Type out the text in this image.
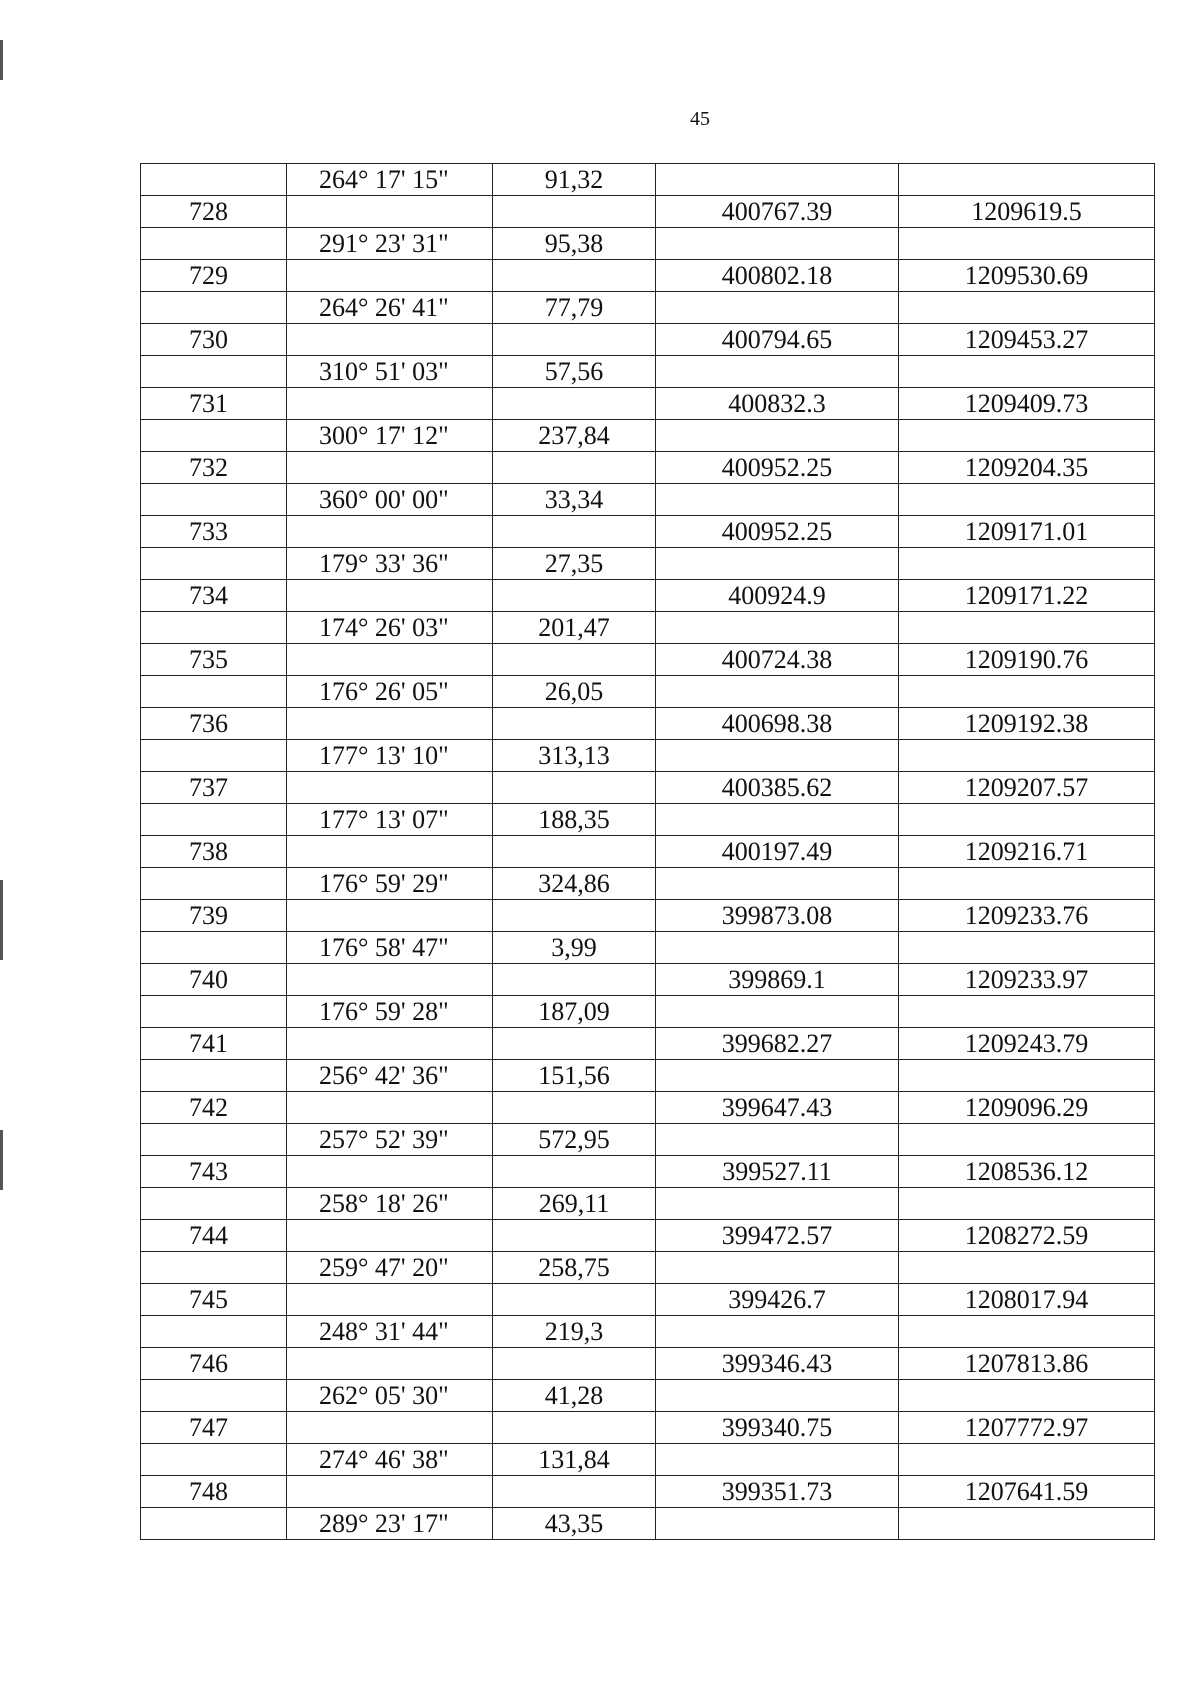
45
	264° 17' 15"	91,32		
728			400767.39	1209619.5
	291° 23' 31"	95,38		
729			400802.18	1209530.69
	264° 26' 41"	77,79		
730			400794.65	1209453.27
	310° 51' 03"	57,56		
731			400832.3	1209409.73
	300° 17' 12"	237,84		
732			400952.25	1209204.35
	360° 00' 00"	33,34		
733			400952.25	1209171.01
	179° 33' 36"	27,35		
734			400924.9	1209171.22
	174° 26' 03"	201,47		
735			400724.38	1209190.76
	176° 26' 05"	26,05		
736			400698.38	1209192.38
	177° 13' 10"	313,13		
737			400385.62	1209207.57
	177° 13' 07"	188,35		
738			400197.49	1209216.71
	176° 59' 29"	324,86		
739			399873.08	1209233.76
	176° 58' 47"	3,99		
740			399869.1	1209233.97
	176° 59' 28"	187,09		
741			399682.27	1209243.79
	256° 42' 36"	151,56		
742			399647.43	1209096.29
	257° 52' 39"	572,95		
743			399527.11	1208536.12
	258° 18' 26"	269,11		
744			399472.57	1208272.59
	259° 47' 20"	258,75		
745			399426.7	1208017.94
	248° 31' 44"	219,3		
746			399346.43	1207813.86
	262° 05' 30"	41,28		
747			399340.75	1207772.97
	274° 46' 38"	131,84		
748			399351.73	1207641.59
	289° 23' 17"	43,35		
